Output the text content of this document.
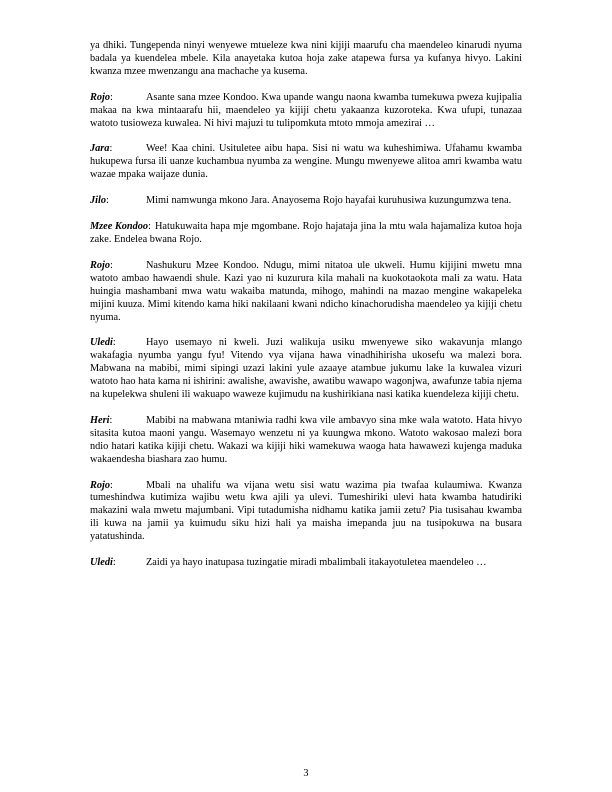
ya dhiki. Tungependa ninyi wenyewe mtueleze kwa nini kijiji maarufu cha maendeleo kinarudi nyuma badala ya kuendelea mbele. Kila anayetaka kutoa hoja zake atapewa fursa ya kufanya hivyo. Lakini kwanza mzee mwenzangu ana machache ya kusema.

Rojo:	Asante sana mzee Kondoo. Kwa upande wangu naona kwamba tumekuwa pweza kujipalia makaa na kwa mintaarafu hii, maendeleo ya kijiji chetu yakaanza kuzoroteka. Kwa ufupi, tunazaa watoto tusioweza kuwalea. Ni hivi majuzi tu tulipomkuta mtoto mmoja amezirai …

Jara:	Wee! Kaa chini. Usituletee aibu hapa. Sisi ni watu wa kuheshimiwa. Ufahamu kwamba hukupewa fursa ili uanze kuchambua nyumba za wengine. Mungu mwenyewe alitoa amri kwamba watu wazae mpaka waijaze dunia.

Jilo:	Mimi namwunga mkono Jara. Anayosema Rojo hayafai kuruhusiwa kuzungumzwa tena.

Mzee Kondoo: Hatukuwaita hapa mje mgombane. Rojo hajataja jina la mtu wala hajamaliza kutoa hoja zake. Endelea bwana Rojo.

Rojo:	Nashukuru Mzee Kondoo. Ndugu, mimi nitatoa ule ukweli. Humu kijijini mwetu mna watoto ambao hawaendi shule. Kazi yao ni kuzurura kila mahali na kuokotaokota mali za watu. Hata huingia mashambani mwa watu wakaiba matunda, mihogo, mahindi na mazao mengine wakapeleka mijini kuuza. Mimi kitendo kama hiki nakilaani kwani ndicho kinachorudisha maendeleo ya kijiji chetu nyuma.

Uledi:	Hayo usemayo ni kweli. Juzi walikuja usiku mwenyewe siko wakavunja mlango wakafagia nyumba yangu fyu! Vitendo vya vijana hawa vinadhihirisha ukosefu wa malezi bora. Mabwana na mabibi, mimi sipingi uzazi lakini yule azaaye atambue jukumu lake la kuwalea vizuri watoto hao hata kama ni ishirini: awalishe, awavishe, awatibu wawapo wagonjwa, awafunze tabia njema na kupelekwa shuleni ili wakuapo waweze kujimudu na kushirikiana nasi katika kuendeleza kijiji chetu.

Heri:	Mabibi na mabwana mtaniwia radhi kwa vile ambavyo sina mke wala watoto. Hata hivyo sitasita kutoa maoni yangu. Wasemayo wenzetu ni ya kuungwa mkono. Watoto wakosao malezi bora ndio hatari katika kijiji chetu. Wakazi wa kijiji hiki wamekuwa waoga hata hawawezi kujenga maduka wakaendesha biashara zao humu.

Rojo:	Mbali na uhalifu wa vijana wetu sisi watu wazima pia twafaa kulaumiwa. Kwanza tumeshindwa kutimiza wajibu wetu kwa ajili ya ulevi. Tumeshiriki ulevi hata kwamba hatudiriki makazini wala mwetu majumbani. Vipi tutadumisha nidhamu katika jamii zetu? Pia tusisahau kwamba ili kuwa na jamii ya kuimudu siku hizi hali ya maisha imepanda juu na tusipokuwa na busara yatatushinda.

Uledi:	Zaidi ya hayo inatupasa tuzingatie miradi mbalimbali itakayotuletea maendeleo …

3
